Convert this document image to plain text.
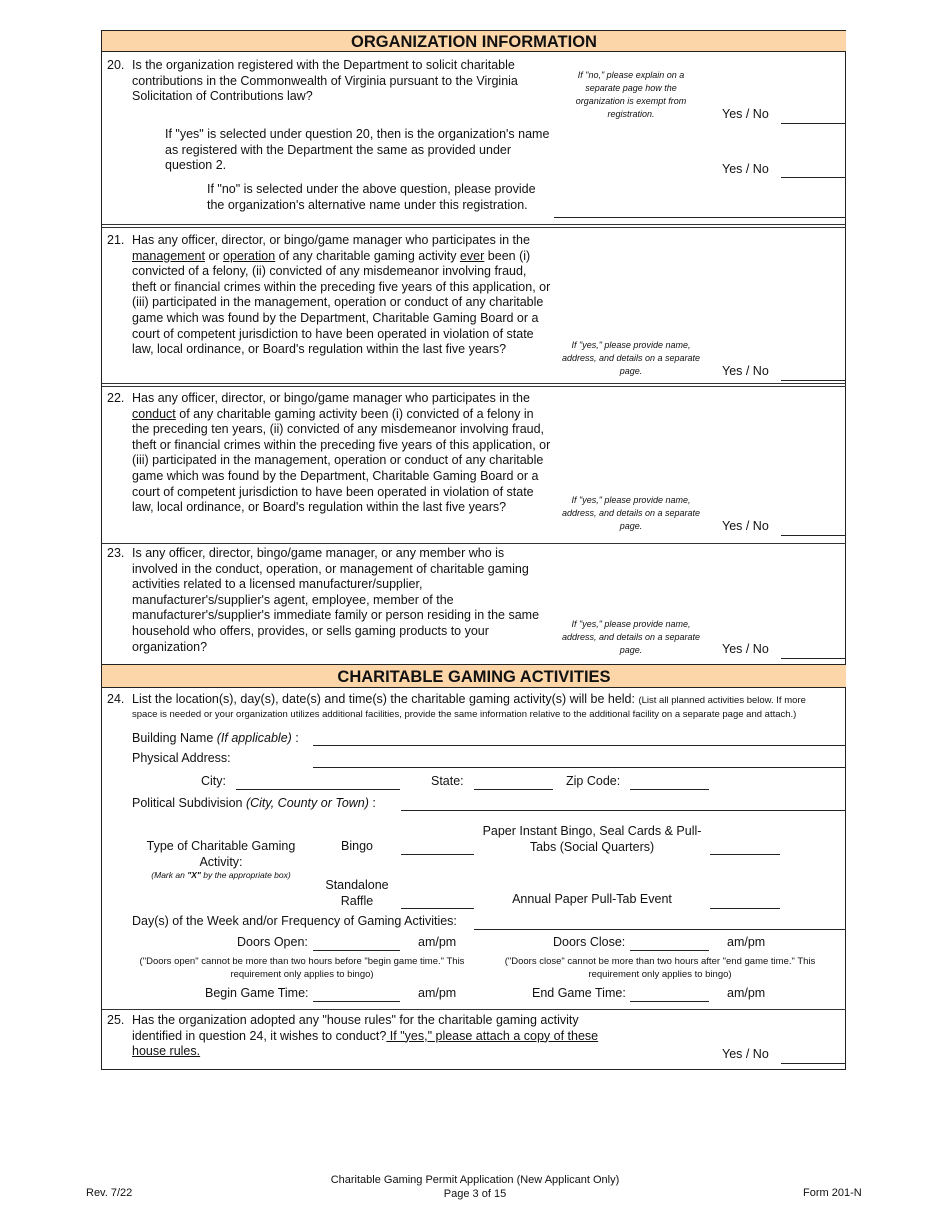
ORGANIZATION INFORMATION
20. Is the organization registered with the Department to solicit charitable
contributions in the Commonwealth of Virginia pursuant to the Virginia
Solicitation of Contributions law?
If "no," please explain on a
separate page how the
organization is exempt from
registration.	Yes / No
If "yes" is selected under question 20, then is the organization's name
as registered with the Department the same as provided under
question 2.	Yes / No
If "no" is selected under the above question, please provide
the organization's alternative name under this registration.
21. Has any officer, director, or bingo/game manager who participates in the
management or operation of any charitable gaming activity ever been (i)
convicted of a felony, (ii) convicted of any misdemeanor involving fraud,
theft or financial crimes within the preceding five years of this application, or
(iii) participated in the management, operation or conduct of any charitable
game which was found by the Department, Charitable Gaming Board or a
court of competent jurisdiction to have been operated in violation of state
law, local ordinance, or Board's regulation within the last five years?	If "yes," please provide name,
address, and details on a separate
page.	Yes / No
22. Has any officer, director, or bingo/game manager who participates in the
conduct of any charitable gaming activity been (i) convicted of a felony in
the preceding ten years, (ii) convicted of any misdemeanor involving fraud,
theft or financial crimes within the preceding five years of this application, or
(iii) participated in the management, operation or conduct of any charitable
game which was found by the Department, Charitable Gaming Board or a
court of competent jurisdiction to have been operated in violation of state
law, local ordinance, or Board's regulation within the last five years?
If "yes," please provide name,
address, and details on a separate
page.	Yes / No
23. Is any officer, director, bingo/game manager, or any member who is
involved in the conduct, operation, or management of charitable gaming
activities related to a licensed manufacturer/supplier,
manufacturer's/supplier's agent, employee, member of the
manufacturer's/supplier's immediate family or person residing in the same
household who offers, provides, or sells gaming products to your
organization?
If "yes," please provide name,
address, and details on a separate
page.	Yes / No
CHARITABLE GAMING ACTIVITIES
24. List the location(s), day(s), date(s) and time(s) the charitable gaming activity(s) will be held: (List all planned activities below. If more
space is needed or your organization utilizes additional facilities, provide the same information relative to the additional facility on a separate page and attach.)
Building Name (If applicable) :
Physical Address:
City:	State:	Zip Code:
Political Subdivision (City, County or Town) :
Type of Charitable Gaming
Activity:
(Mark an "X" by the appropriate box)
Bingo
Paper Instant Bingo, Seal Cards & Pull-
Tabs (Social Quarters)
Standalone
Raffle	Annual Paper Pull-Tab Event
Day(s) of the Week and/or Frequency of Gaming Activities:
Doors Open:	am/pm	Doors Close:	am/pm
("Doors open" cannot be more than two hours before "begin game time." This
requirement only applies to bingo)
("Doors close" cannot be more than two hours after "end game time." This
requirement only applies to bingo)
Begin Game Time:	am/pm	End Game Time:	am/pm
25. Has the organization adopted any "house rules" for the charitable gaming activity
identified in question 24, it wishes to conduct? If "yes," please attach a copy of these
house rules.	Yes / No
Rev. 7/22
Charitable Gaming Permit Application (New Applicant Only)
Page 3 of 15	Form 201-N
